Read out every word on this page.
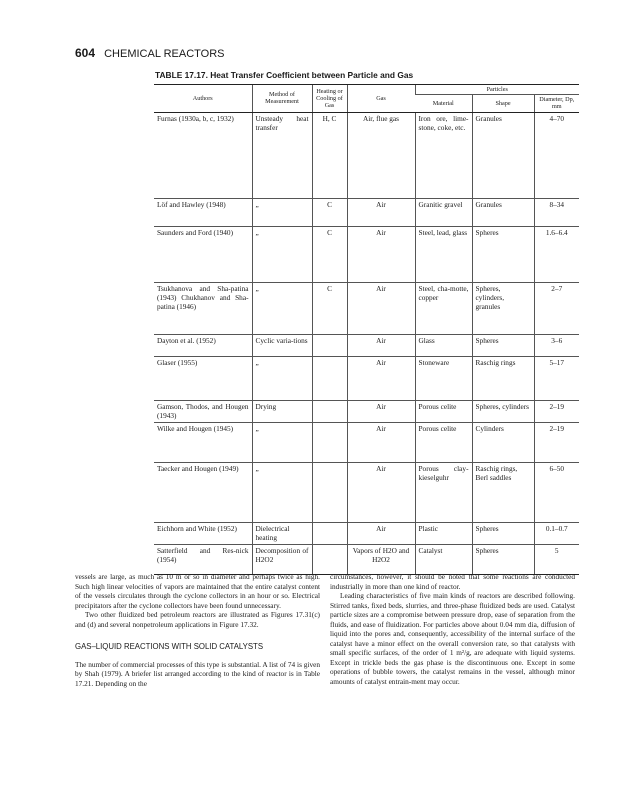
604 CHEMICAL REACTORS
TABLE 17.17. Heat Transfer Coefficient between Particle and Gas
Authors	Method of Measurement	Heating or Cooling of Gas	Gas	Particles		
				Material	Shape	Diameter, Dp, mm
Furnas (1930a, b, c, 1932)	Unsteady heat transfer	H, C	Air, flue gas	Iron ore, lime-stone, coke, etc.	Granules	4–70
Löf and Hawley (1948)	„	C	Air	Granitic gravel	Granules	8–34
Saunders and Ford (1940)	„	C	Air	Steel, lead, glass	Spheres	1.6–6.4
Tsukhanova and Sha-patina (1943) Chukhanov and Sha-patina (1946)	„	C	Air	Steel, cha-motte, copper	Spheres, cylinders, granules	2–7
Dayton et al. (1952)	Cyclic varia-tions		Air	Glass	Spheres	3–6
Glaser (1955)	„		Air	Stoneware	Raschig rings	5–17
Gamson, Thodos, and Hougen (1943)	Drying		Air	Porous celite	Spheres, cylinders	2–19
Wilke and Hougen (1945)	„		Air	Porous celite	Cylinders	2–19
Taecker and Hougen (1949)	„		Air	Porous clay-kieselguhr	Raschig rings, Berl saddles	6–50
Eichhorn and White (1952)	Dielectrical heating		Air	Plastic	Spheres	0.1–0.7
Satterfield and Res-nick (1954)	Decomposition of H2O2		Vapors of H2O and H2O2	Catalyst	Spheres	5

vessels are large, as much as 10 m or so in diameter and perhaps twice as high. Such high linear velocities of vapors are maintained that the entire catalyst content of the vessels circulates through the cyclone collectors in an hour or so. Electrical precipitators after the cyclone collectors have been found unnecessary.

Two other fluidized bed petroleum reactors are illustrated as Figures 17.31(c) and (d) and several nonpetroleum applications in Figure 17.32.

GAS–LIQUID REACTIONS WITH SOLID CATALYSTS

The number of commercial processes of this type is substantial. A list of 74 is given by Shah (1979). A briefer list arranged according to the kind of reactor is in Table 17.21. Depending on the

circumstances, however, it should be noted that some reactions are conducted industrially in more than one kind of reactor.

Leading characteristics of five main kinds of reactors are described following. Stirred tanks, fixed beds, slurries, and three-phase fluidized beds are used. Catalyst particle sizes are a compromise between pressure drop, ease of separation from the fluids, and ease of fluidization. For particles above about 0.04 mm dia, diffusion of liquid into the pores and, consequently, accessibility of the internal surface of the catalyst have a minor effect on the overall conversion rate, so that catalysts with small specific surfaces, of the order of 1 m²/g, are adequate with liquid systems. Except in trickle beds the gas phase is the discontinuous one. Except in some operations of bubble towers, the catalyst remains in the vessel, although minor amounts of catalyst entrain-ment may occur.
